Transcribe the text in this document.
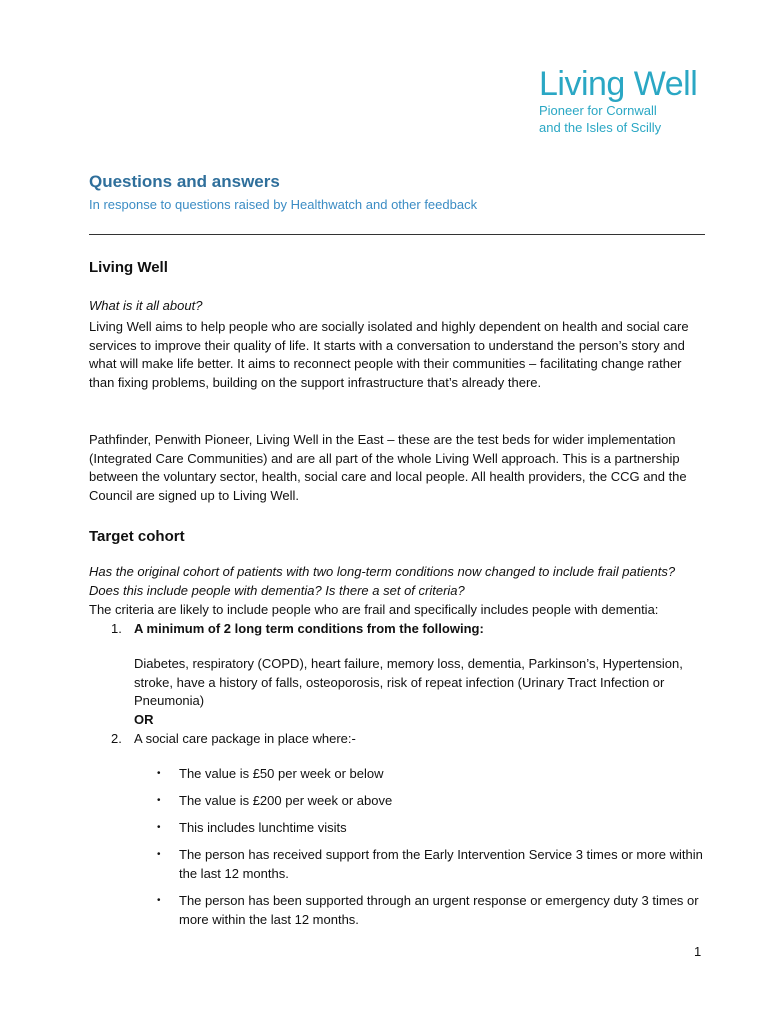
Living Well
Pioneer for Cornwall
and the Isles of Scilly
Questions and answers

In response to questions raised by Healthwatch and other feedback

Living Well

What is it all about?

Living Well aims to help people who are socially isolated and highly dependent on health and social care services to improve their quality of life. It starts with a conversation to understand the person’s story and what will make life better. It aims to reconnect people with their communities – facilitating change rather than fixing problems, building on the support infrastructure that’s already there.

Pathfinder, Penwith Pioneer, Living Well in the East – these are the test beds for wider implementation (Integrated Care Communities) and are all part of the whole Living Well approach. This is a partnership between the voluntary sector, health, social care and local people. All health providers, the CCG and the Council are signed up to Living Well.

Target cohort

Has the original cohort of patients with two long-term conditions now changed to include frail patients? Does this include people with dementia? Is there a set of criteria?

The criteria are likely to include people who are frail and specifically includes people with dementia:

1. A minimum of 2 long term conditions from the following:
Diabetes, respiratory (COPD), heart failure, memory loss, dementia, Parkinson’s, Hypertension, stroke, have a history of falls, osteoporosis, risk of repeat infection (Urinary Tract Infection or Pneumonia)
OR
2. A social care package in place where:-
• The value is £50 per week or below
• The value is £200 per week or above
• This includes lunchtime visits
• The person has received support from the Early Intervention Service 3 times or more within the last 12 months.
• The person has been supported through an urgent response or emergency duty 3 times or more within the last 12 months.
1
